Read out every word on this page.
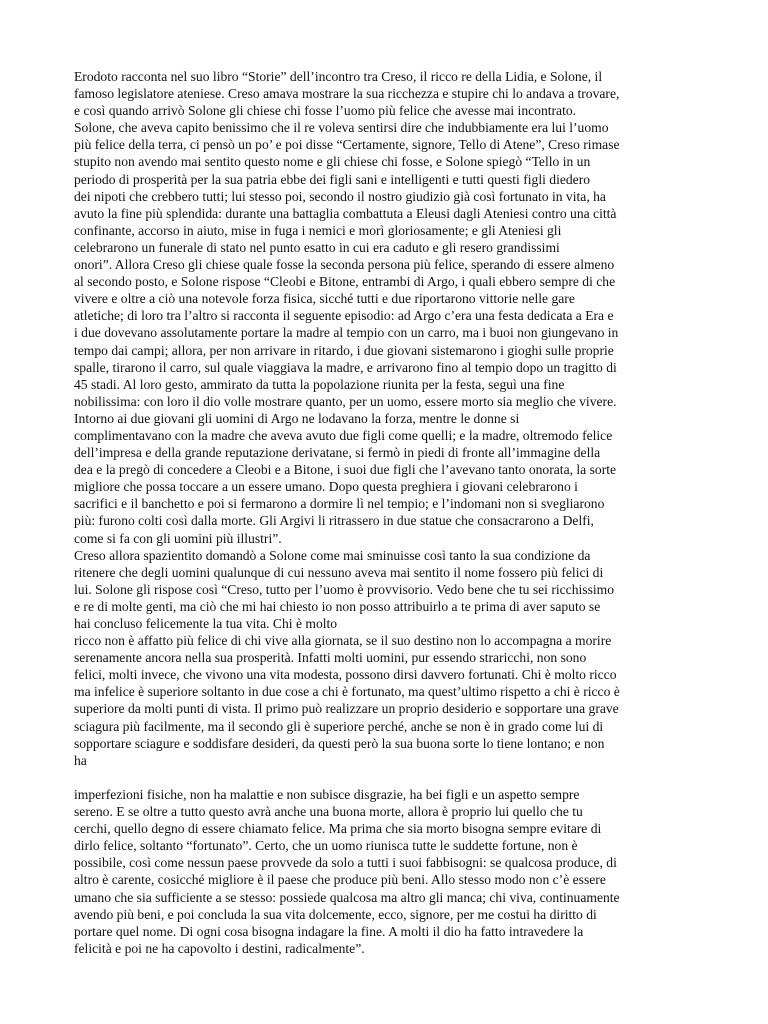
Erodoto racconta nel suo libro “Storie” dell’incontro tra Creso, il ricco re della Lidia, e Solone, il
famoso legislatore ateniese. Creso amava mostrare la sua ricchezza e stupire chi lo andava a trovare,
e così quando arrivò Solone gli chiese chi fosse l’uomo più felice che avesse mai incontrato.
Solone, che aveva capito benissimo che il re voleva sentirsi dire che indubbiamente era lui l’uomo
più felice della terra, ci pensò un po’ e poi disse “Certamente, signore, Tello di Atene”, Creso rimase
stupito non avendo mai sentito questo nome e gli chiese chi fosse, e Solone spiegò “Tello in un
periodo di prosperità per la sua patria ebbe dei figli sani e intelligenti e tutti questi figli diedero
dei nipoti che crebbero tutti; lui stesso poi, secondo il nostro giudizio già così fortunato in vita, ha
avuto la fine più splendida: durante una battaglia combattuta a Eleusi dagli Ateniesi contro una città
confinante, accorso in aiuto, mise in fuga i nemici e morì gloriosamente; e gli Ateniesi gli
celebrarono un funerale di stato nel punto esatto in cui era caduto e gli resero grandissimi
onori”. Allora Creso gli chiese quale fosse la seconda persona più felice, sperando di essere almeno
al secondo posto, e Solone rispose “Cleobi e Bitone, entrambi di Argo, i quali ebbero sempre di che
vivere e oltre a ciò una notevole forza fisica, sicché tutti e due riportarono vittorie nelle gare
atletiche; di loro tra l’altro si racconta il seguente episodio: ad Argo c’era una festa dedicata a Era e
i due dovevano assolutamente portare la madre al tempio con un carro, ma i buoi non giungevano in
tempo dai campi; allora, per non arrivare in ritardo, i due giovani sistemarono i gioghi sulle proprie
spalle, tirarono il carro, sul quale viaggiava la madre, e arrivarono fino al tempio dopo un tragitto di
45 stadi. Al loro gesto, ammirato da tutta la popolazione riunita per la festa, seguì una fine
nobilissima: con loro il dio volle mostrare quanto, per un uomo, essere morto sia meglio che vivere.
Intorno ai due giovani gli uomini di Argo ne lodavano la forza, mentre le donne si
complimentavano con la madre che aveva avuto due figli come quelli; e la madre, oltremodo felice
dell’impresa e della grande reputazione derivatane, si fermò in piedi di fronte all’immagine della
dea e la pregò di concedere a Cleobi e a Bitone, i suoi due figli che l’avevano tanto onorata, la sorte
migliore che possa toccare a un essere umano. Dopo questa preghiera i giovani celebrarono i
sacrifici e il banchetto e poi si fermarono a dormire lì nel tempio; e l’indomani non si svegliarono
più: furono colti così dalla morte. Gli Argivi li ritrassero in due statue che consacrarono a Delfi,
come si fa con gli uomini più illustri”.
Creso allora spazientito domandò a Solone come mai sminuisse così tanto la sua condizione da
ritenere che degli uomini qualunque di cui nessuno aveva mai sentito il nome fossero più felici di
lui. Solone gli rispose così “Creso, tutto per l’uomo è provvisorio. Vedo bene che tu sei ricchissimo
e re di molte genti, ma ciò che mi hai chiesto io non posso attribuirlo a te prima di aver saputo se
hai concluso felicemente la tua vita. Chi è molto
ricco non è affatto più felice di chi vive alla giornata, se il suo destino non lo accompagna a morire
serenamente ancora nella sua prosperità. Infatti molti uomini, pur essendo straricchi, non sono
felici, molti invece, che vivono una vita modesta, possono dirsi davvero fortunati. Chi è molto ricco
ma infelice è superiore soltanto in due cose a chi è fortunato, ma quest’ultimo rispetto a chi è ricco è
superiore da molti punti di vista. Il primo può realizzare un proprio desiderio e sopportare una grave
sciagura più facilmente, ma il secondo gli è superiore perché, anche se non è in grado come lui di
sopportare sciagure e soddisfare desideri, da questi però la sua buona sorte lo tiene lontano; e non
ha
imperfezioni fisiche, non ha malattie e non subisce disgrazie, ha bei figli e un aspetto sempre
sereno. E se oltre a tutto questo avrà anche una buona morte, allora è proprio lui quello che tu
cerchi, quello degno di essere chiamato felice. Ma prima che sia morto bisogna sempre evitare di
dirlo felice, soltanto “fortunato”. Certo, che un uomo riunisca tutte le suddette fortune, non è
possibile, così come nessun paese provvede da solo a tutti i suoi fabbisogni: se qualcosa produce, di
altro è carente, cosicché migliore è il paese che produce più beni. Allo stesso modo non c’è essere
umano che sia sufficiente a se stesso: possiede qualcosa ma altro gli manca; chi viva, continuamente
avendo più beni, e poi concluda la sua vita dolcemente, ecco, signore, per me costui ha diritto di
portare quel nome. Di ogni cosa bisogna indagare la fine. A molti il dio ha fatto intravedere la
felicità e poi ne ha capovolto i destini, radicalmente”.
